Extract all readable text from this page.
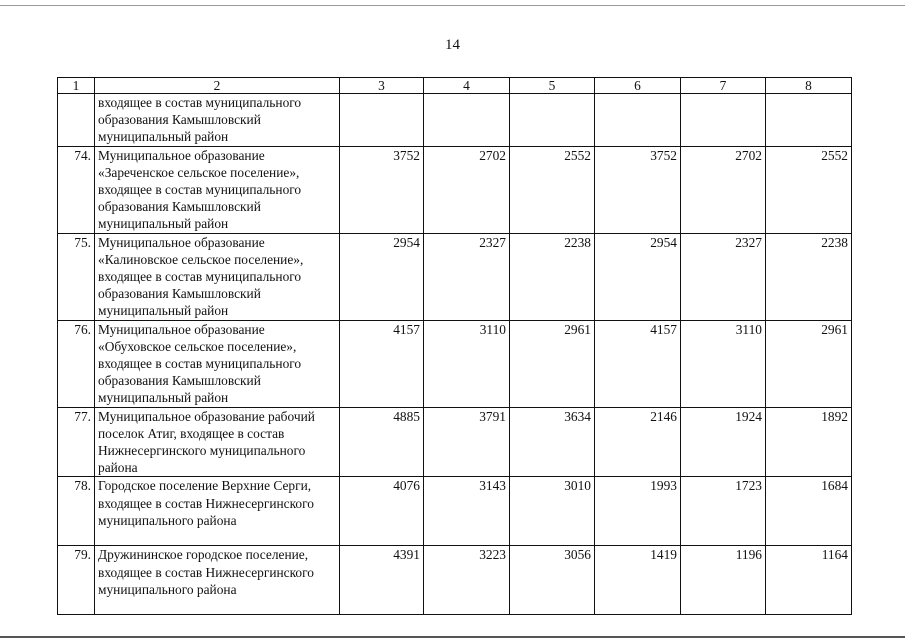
14
1	2	3	4	5	6	7	8
	входящее в состав муниципального образования Камышловский муниципальный район						
74.	Муниципальное образование «Зареченское сельское поселение», входящее в состав муниципального образования Камышловский муниципальный район	3752	2702	2552	3752	2702	2552
75.	Муниципальное образование «Калиновское сельское поселение», входящее в состав муниципального образования Камышловский муниципальный район	2954	2327	2238	2954	2327	2238
76.	Муниципальное образование «Обуховское сельское поселение», входящее в состав муниципального образования Камышловский муниципальный район	4157	3110	2961	4157	3110	2961
77.	Муниципальное образование рабочий поселок Атиг, входящее в состав Нижнесергинского муниципального района	4885	3791	3634	2146	1924	1892
78.	Городское поселение Верхние Серги, входящее в состав Нижнесергинского муниципального района	4076	3143	3010	1993	1723	1684
79.	Дружининское городское поселение, входящее в состав Нижнесергинского муниципального района	4391	3223	3056	1419	1196	1164
